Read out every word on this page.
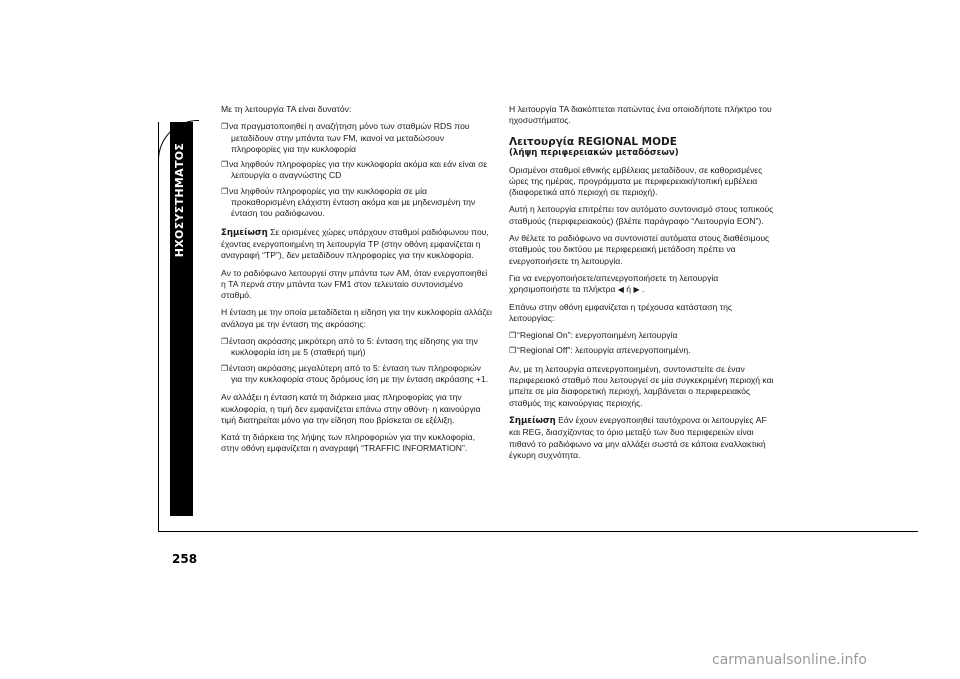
ΗΧΟΣΥΣΤΗΜΑΤΟΣ
258
carmanualsonline.info

Με τη λειτουργία TA είναι δυνατόν:

❒να πραγματοποιηθεί η αναζήτηση μόνο των σταθμών RDS που μεταδίδουν στην μπάντα των FM, ικανοί να μεταδώσουν πληροφορίες για την κυκλοφορία
❒να ληφθούν πληροφορίες για την κυκλοφορία ακόμα και εάν είναι σε λειτουργία ο αναγνώστης CD
❒να ληφθούν πληροφορίες για την κυκλοφορία σε μία προκαθορισμένη ελάχιστη ένταση ακόμα και με μηδενισμένη την ένταση του ραδιόφωνου.

Σημείωση Σε ορισμένες χώρες υπάρχουν σταθμοί ραδιόφωνου που, έχοντας ενεργοποιημένη τη λειτουργία TP (στην οθόνη εμφανίζεται η αναγραφή “TP”), δεν μεταδίδουν πληροφορίες για την κυκλοφορία.

Αν το ραδιόφωνο λειτουργεί στην μπάντα των AM, όταν ενεργοποιηθεί η TA περνά στην μπάντα των FM1 στον τελευταίο συντονισμένο σταθμό.

Η ένταση με την οποία μεταδίδεται η είδηση για την κυκλοφορία αλλάζει ανάλογα με την ένταση της ακρόασης:

❒ένταση ακρόασης μικρότερη από το 5: ένταση της είδησης για την κυκλοφορία ίση με 5 (σταθερή τιμή)
❒ένταση ακρόασης μεγαλύτερη από το 5: ένταση των πληροφοριών για την κυκλοφορία στους δρόμους ίση με την ένταση ακρόασης +1.

Αν αλλάξει η ένταση κατά τη διάρκεια μιας πληροφορίας για την κυκλοφορία, η τιμή δεν εμφανίζεται επάνω στην οθόνη· η καινούργια τιμή διατηρείται μόνο για την είδηση που βρίσκεται σε εξέλιξη.

Κατά τη διάρκεια της λήψης των πληροφοριών για την κυκλοφορία, στην οθόνη εμφανίζεται η αναγραφή “TRAFFIC INFORMATION”.

Η λειτουργία TA διακόπτεται πατώντας ένα οποιοδήποτε πλήκτρο του ηχοσυστήματος.

Λειτουργία REGIONAL MODE
(λήψη περιφερειακών μεταδόσεων)

Ορισμένοι σταθμοί εθνικής εμβέλειας μεταδίδουν, σε καθορισμένες ώρες της ημέρας, προγράμματα με περιφερειακή/τοπική εμβέλεια (διαφορετικά από περιοχή σε περιοχή).

Αυτή η λειτουργία επιτρέπει τον αυτόματο συντονισμό στους τοπικούς σταθμούς (περιφερειακούς) (βλέπε παράγραφο “Λειτουργία EON”).

Αν θέλετε το ραδιόφωνο να συντονιστεί αυτόματα στους διαθέσιμους σταθμούς του δικτύου με περιφερειακή μετάδοση πρέπει να ενεργοποιήσετε τη λειτουργία.

Για να ενεργοποιήσετε/απενεργοποιήσετε τη λειτουργία χρησιμοποιήστε τα πλήκτρα ◀ ή ▶ .

Επάνω στην οθόνη εμφανίζεται η τρέχουσα κατάσταση της λειτουργίας:

❒“Regional On”: ενεργοποιημένη λειτουργία
❒“Regional Off”: λειτουργία απενεργοποιημένη.

Αν, με τη λειτουργία απενεργοποιημένη, συντονιστείτε σε έναν περιφερειακό σταθμό που λειτουργεί σε μία συγκεκριμένη περιοχή και μπείτε σε μία διαφορετική περιοχή, λαμβάνεται ο περιφερειακός σταθμός της καινούργιας περιοχής.

Σημείωση Εάν έχουν ενεργοποιηθεί ταυτόχρονα οι λειτουργίες AF και REG, διασχίζοντας το όριο μεταξύ των δυο περιφερειών είναι πιθανό το ραδιόφωνο να μην αλλάξει σωστά σε κάποια εναλλακτική έγκυρη συχνότητα.
